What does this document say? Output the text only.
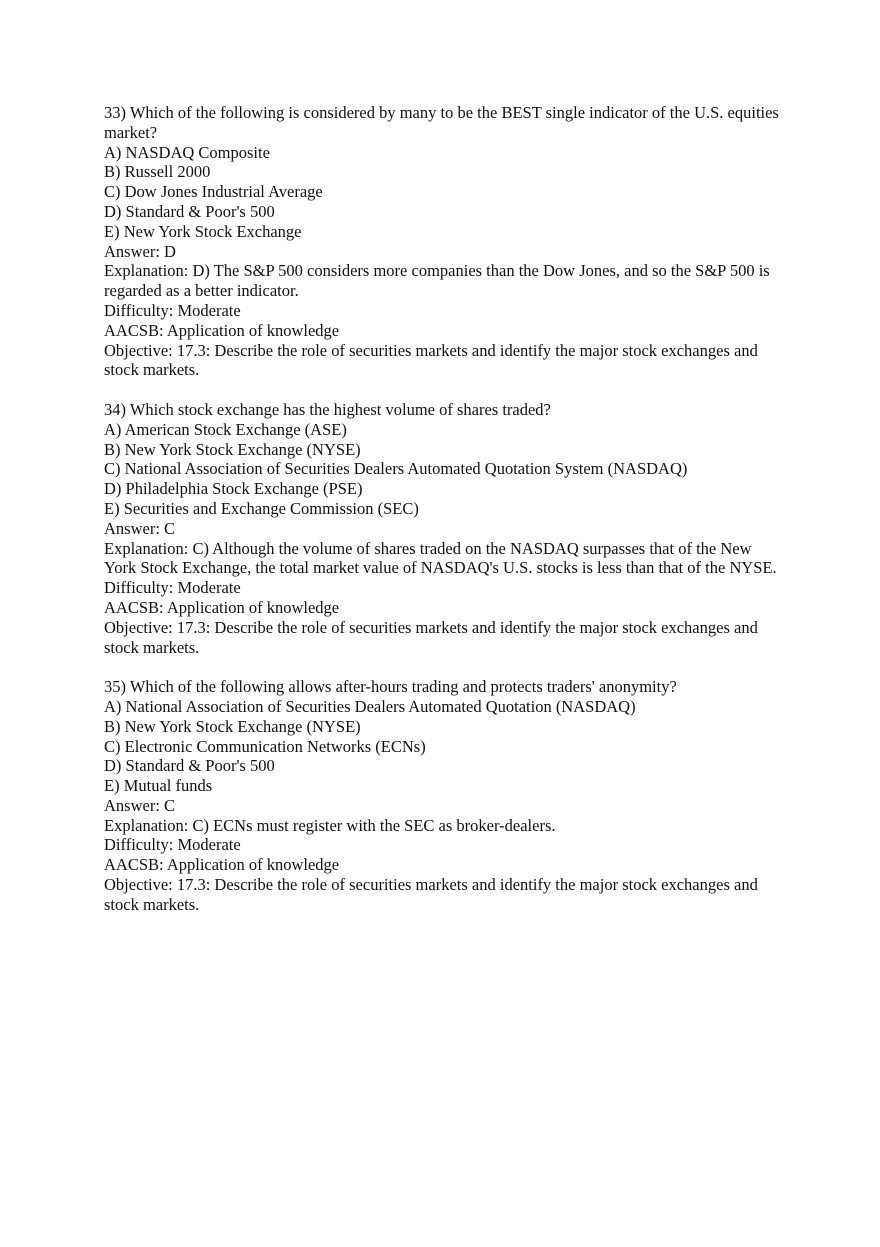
33) Which of the following is considered by many to be the BEST single indicator of the U.S. equities market?
A) NASDAQ Composite
B) Russell 2000
C) Dow Jones Industrial Average
D) Standard & Poor's 500
E) New York Stock Exchange
Answer: D
Explanation: D) The S&P 500 considers more companies than the Dow Jones, and so the S&P 500 is regarded as a better indicator.
Difficulty: Moderate
AACSB: Application of knowledge
Objective: 17.3: Describe the role of securities markets and identify the major stock exchanges and stock markets.
34) Which stock exchange has the highest volume of shares traded?
A) American Stock Exchange (ASE)
B) New York Stock Exchange (NYSE)
C) National Association of Securities Dealers Automated Quotation System (NASDAQ)
D) Philadelphia Stock Exchange (PSE)
E) Securities and Exchange Commission (SEC)
Answer: C
Explanation: C) Although the volume of shares traded on the NASDAQ surpasses that of the New York Stock Exchange, the total market value of NASDAQ's U.S. stocks is less than that of the NYSE.
Difficulty: Moderate
AACSB: Application of knowledge
Objective: 17.3: Describe the role of securities markets and identify the major stock exchanges and stock markets.
35) Which of the following allows after-hours trading and protects traders' anonymity?
A) National Association of Securities Dealers Automated Quotation (NASDAQ)
B) New York Stock Exchange (NYSE)
C) Electronic Communication Networks (ECNs)
D) Standard & Poor's 500
E) Mutual funds
Answer: C
Explanation: C) ECNs must register with the SEC as broker-dealers.
Difficulty: Moderate
AACSB: Application of knowledge
Objective: 17.3: Describe the role of securities markets and identify the major stock exchanges and stock markets.
